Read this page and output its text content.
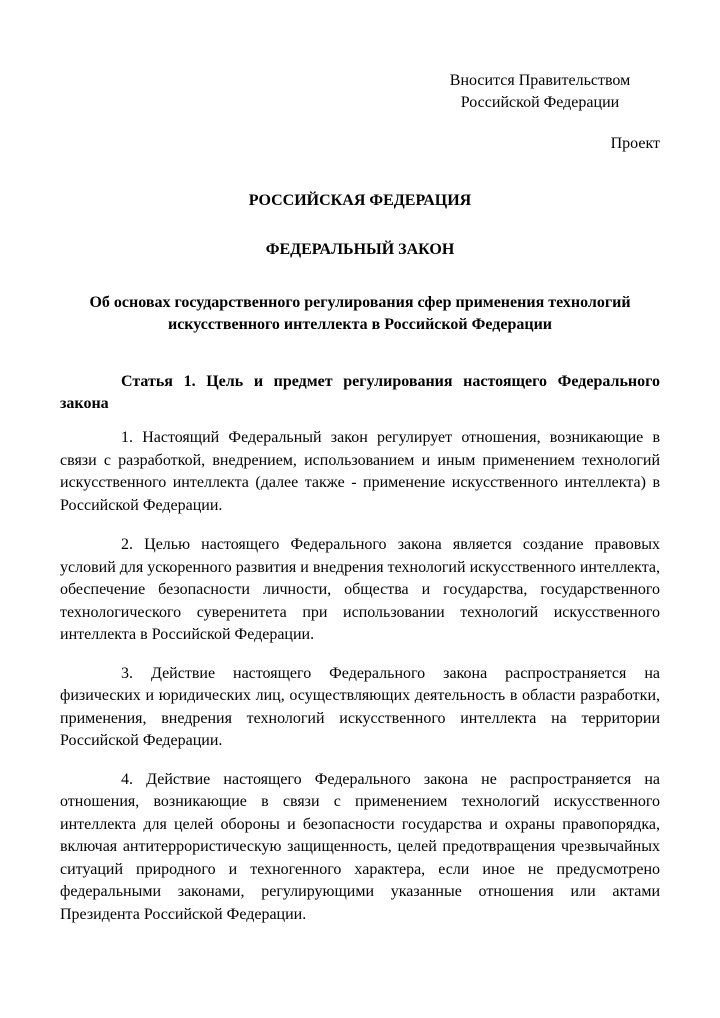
Вносится Правительством
Российской Федерации
Проект
РОССИЙСКАЯ ФЕДЕРАЦИЯ
ФЕДЕРАЛЬНЫЙ ЗАКОН
Об основах государственного регулирования сфер применения технологий искусственного интеллекта в Российской Федерации
Статья 1. Цель и предмет регулирования настоящего Федерального закона

1. Настоящий Федеральный закон регулирует отношения, возникающие в связи с разработкой, внедрением, использованием и иным применением технологий искусственного интеллекта (далее также - применение искусственного интеллекта) в Российской Федерации.

2. Целью настоящего Федерального закона является создание правовых условий для ускоренного развития и внедрения технологий искусственного интеллекта, обеспечение безопасности личности, общества и государства, государственного технологического суверенитета при использовании технологий искусственного интеллекта в Российской Федерации.

3. Действие настоящего Федерального закона распространяется на физических и юридических лиц, осуществляющих деятельность в области разработки, применения, внедрения технологий искусственного интеллекта на территории Российской Федерации.

4. Действие настоящего Федерального закона не распространяется на отношения, возникающие в связи с применением технологий искусственного интеллекта для целей обороны и безопасности государства и охраны правопорядка, включая антитеррористическую защищенность, целей предотвращения чрезвычайных ситуаций природного и техногенного характера, если иное не предусмотрено федеральными законами, регулирующими указанные отношения или актами Президента Российской Федерации.
